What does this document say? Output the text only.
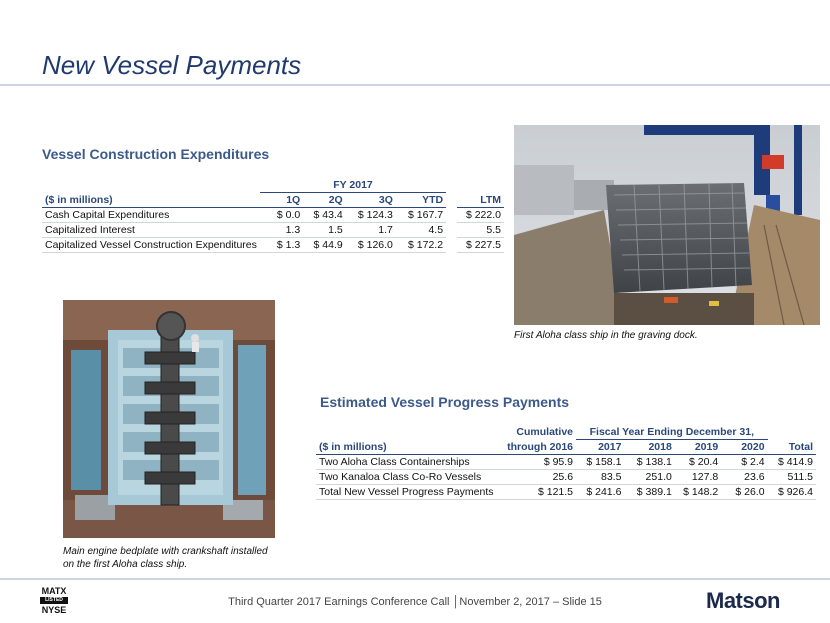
New Vessel Payments
Vessel Construction Expenditures
	FY 2017					
($ in millions)	1Q	2Q	3Q	YTD		LTM
Cash Capital Expenditures	$ 0.0	$ 43.4	$ 124.3	$ 167.7		$ 222.0
Capitalized Interest	1.3	1.5	1.7	4.5		5.5
Capitalized Vessel Construction Expenditures	$ 1.3	$ 44.9	$ 126.0	$ 172.2		$ 227.5
First Aloha class ship in the graving dock.
Main engine bedplate with crankshaft installed
on the first Aloha class ship.
Estimated Vessel Progress Payments
	Cumulative	Fiscal Year Ending December 31,				
($ in millions)	through 2016	2017	2018	2019	2020	Total
Two Aloha Class Containerships	$ 95.9	$ 158.1	$ 138.1	$ 20.4	$ 2.4	$ 414.9
Two Kanaloa Class Co-Ro Vessels	25.6	83.5	251.0	127.8	23.6	511.5
Total New Vessel Progress Payments	$ 121.5	$ 241.6	$ 389.1	$ 148.2	$ 26.0	$ 926.4
MATX
LISTED
NYSE
Third Quarter 2017 Earnings Conference Call │November 2, 2017 – Slide 15	Matson
